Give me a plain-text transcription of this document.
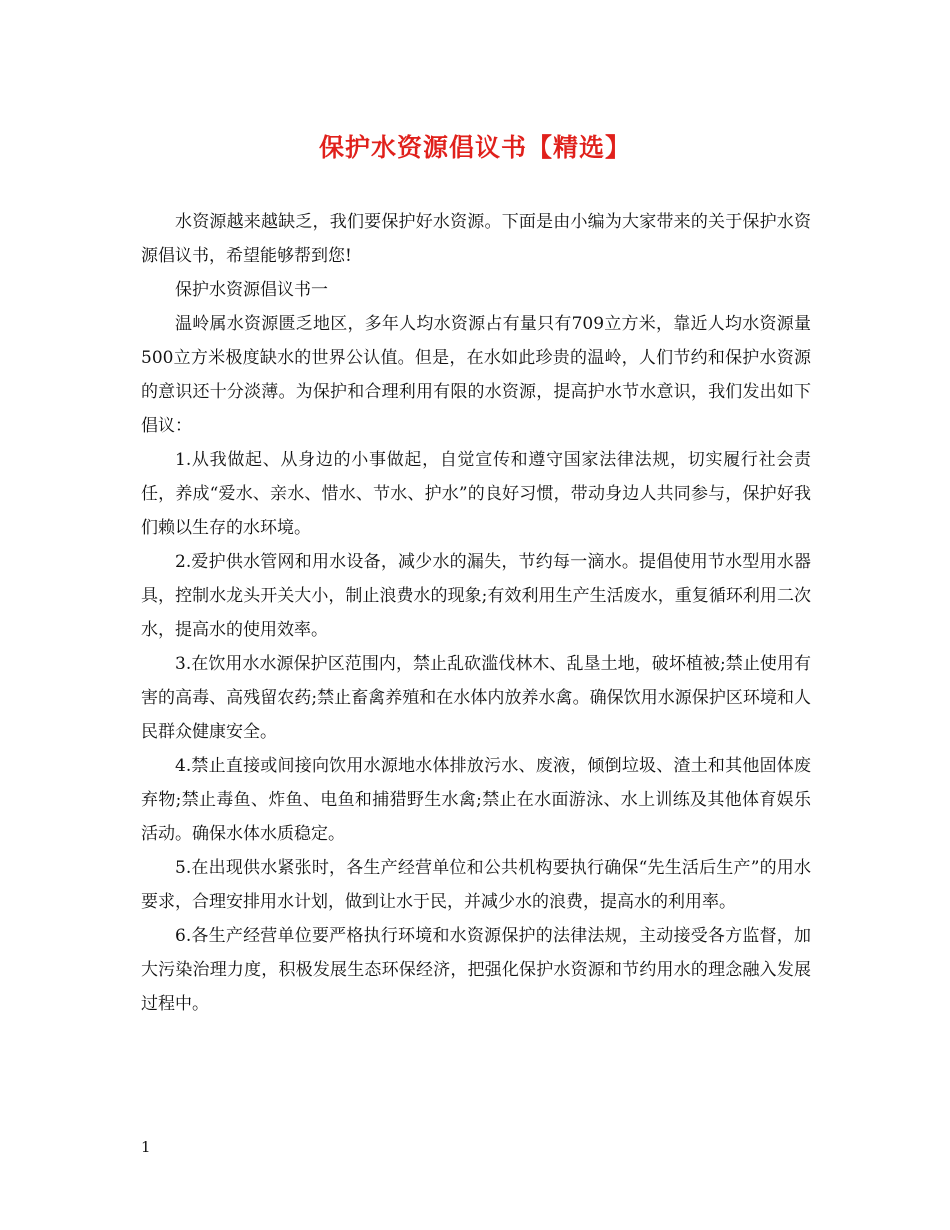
保护水资源倡议书【精选】

水资源越来越缺乏，我们要保护好水资源。下面是由小编为大家带来的关于保护水资源倡议书，希望能够帮到您!

保护水资源倡议书一

温岭属水资源匮乏地区，多年人均水资源占有量只有709立方米，靠近人均水资源量500立方米极度缺水的世界公认值。但是，在水如此珍贵的温岭，人们节约和保护水资源的意识还十分淡薄。为保护和合理利用有限的水资源，提高护水节水意识，我们发出如下倡议：

1.从我做起、从身边的小事做起，自觉宣传和遵守国家法律法规，切实履行社会责任，养成“爱水、亲水、惜水、节水、护水”的良好习惯，带动身边人共同参与，保护好我们赖以生存的水环境。

2.爱护供水管网和用水设备，减少水的漏失，节约每一滴水。提倡使用节水型用水器具，控制水龙头开关大小，制止浪费水的现象;有效利用生产生活废水，重复循环利用二次水，提高水的使用效率。

3.在饮用水水源保护区范围内，禁止乱砍滥伐林木、乱垦土地，破坏植被;禁止使用有害的高毒、高残留农药;禁止畜禽养殖和在水体内放养水禽。确保饮用水源保护区环境和人民群众健康安全。

4.禁止直接或间接向饮用水源地水体排放污水、废液，倾倒垃圾、渣土和其他固体废弃物;禁止毒鱼、炸鱼、电鱼和捕猎野生水禽;禁止在水面游泳、水上训练及其他体育娱乐活动。确保水体水质稳定。

5.在出现供水紧张时，各生产经营单位和公共机构要执行确保“先生活后生产”的用水要求，合理安排用水计划，做到让水于民，并减少水的浪费，提高水的利用率。

6.各生产经营单位要严格执行环境和水资源保护的法律法规，主动接受各方监督，加大污染治理力度，积极发展生态环保经济，把强化保护水资源和节约用水的理念融入发展过程中。

1
